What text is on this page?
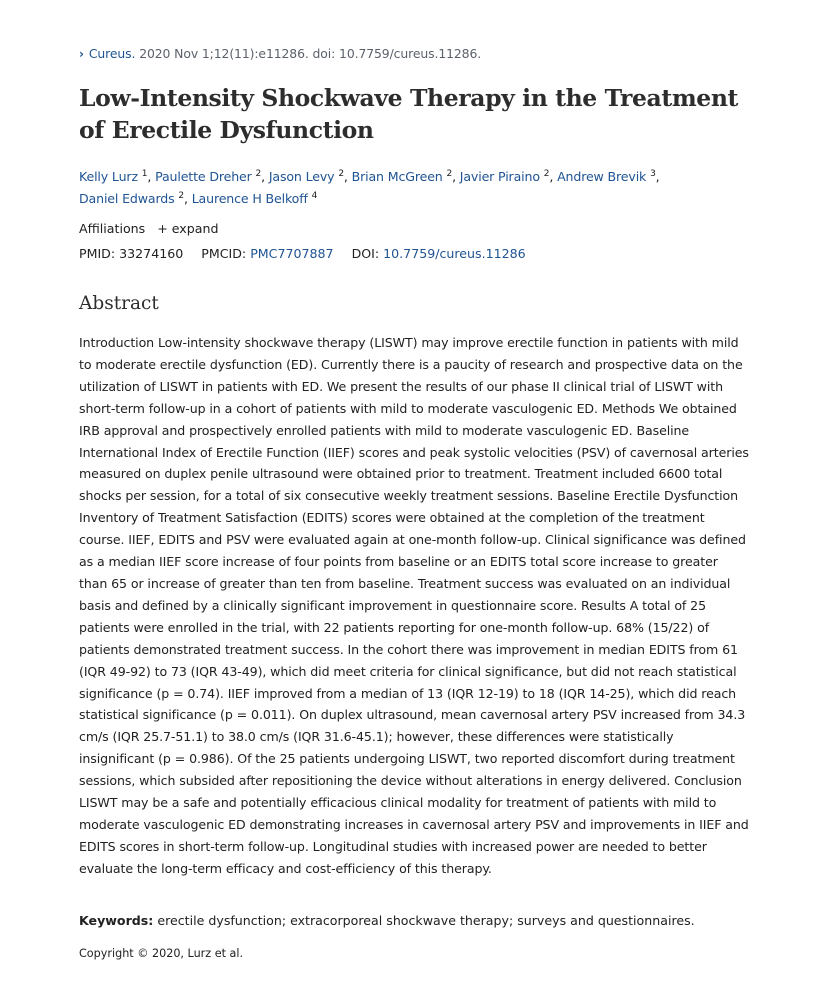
› Cureus. 2020 Nov 1;12(11):e11286. doi: 10.7759/cureus.11286.
Low-Intensity Shockwave Therapy in the Treatment of Erectile Dysfunction
Kelly Lurz $^1$, Paulette Dreher $^2$, Jason Levy $^2$, Brian McGreen $^2$, Javier Piraino $^2$, Andrew Brevik $^3$,
Daniel Edwards $^2$, Laurence H Belkoff $^4$
Affiliations + expand
PMID: 33274160 PMCID: PMC7707887 DOI: 10.7759/cureus.11286
Abstract

Introduction Low-intensity shockwave therapy (LISWT) may improve erectile function in patients with mild to moderate erectile dysfunction (ED). Currently there is a paucity of research and prospective data on the utilization of LISWT in patients with ED. We present the results of our phase II clinical trial of LISWT with short-term follow-up in a cohort of patients with mild to moderate vasculogenic ED. Methods We obtained IRB approval and prospectively enrolled patients with mild to moderate vasculogenic ED. Baseline International Index of Erectile Function (IIEF) scores and peak systolic velocities (PSV) of cavernosal arteries measured on duplex penile ultrasound were obtained prior to treatment. Treatment included 6600 total shocks per session, for a total of six consecutive weekly treatment sessions. Baseline Erectile Dysfunction Inventory of Treatment Satisfaction (EDITS) scores were obtained at the completion of the treatment course. IIEF, EDITS and PSV were evaluated again at one-month follow-up. Clinical significance was defined as a median IIEF score increase of four points from baseline or an EDITS total score increase to greater than 65 or increase of greater than ten from baseline. Treatment success was evaluated on an individual basis and defined by a clinically significant improvement in questionnaire score. Results A total of 25 patients were enrolled in the trial, with 22 patients reporting for one-month follow-up. 68% (15/22) of patients demonstrated treatment success. In the cohort there was improvement in median EDITS from 61 (IQR 49-92) to 73 (IQR 43-49), which did meet criteria for clinical significance, but did not reach statistical significance (p = 0.74). IIEF improved from a median of 13 (IQR 12-19) to 18 (IQR 14-25), which did reach statistical significance (p = 0.011). On duplex ultrasound, mean cavernosal artery PSV increased from 34.3 cm/s (IQR 25.7-51.1) to 38.0 cm/s (IQR 31.6-45.1); however, these differences were statistically insignificant (p = 0.986). Of the 25 patients undergoing LISWT, two reported discomfort during treatment sessions, which subsided after repositioning the device without alterations in energy delivered. Conclusion LISWT may be a safe and potentially efficacious clinical modality for treatment of patients with mild to moderate vasculogenic ED demonstrating increases in cavernosal artery PSV and improvements in IIEF and EDITS scores in short-term follow-up. Longitudinal studies with increased power are needed to better evaluate the long-term efficacy and cost-efficiency of this therapy.

Keywords: erectile dysfunction; extracorporeal shockwave therapy; surveys and questionnaires.
Copyright © 2020, Lurz et al.
